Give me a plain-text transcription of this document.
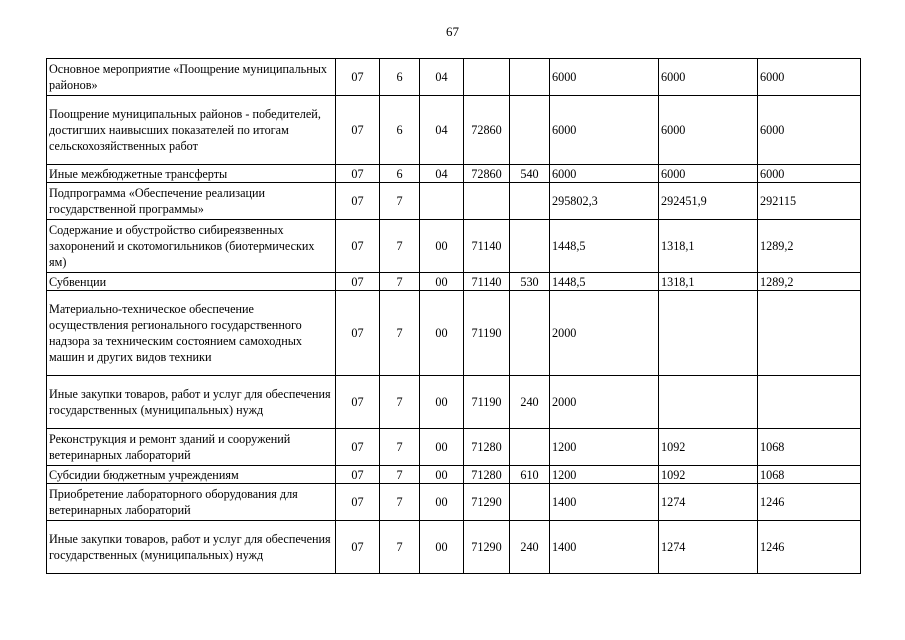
67
Основное мероприятие «Поощрение муниципальных районов»	07	6	04			6000	6000	6000
Поощрение муниципальных районов - победителей, достигших наивысших показателей по итогам сельскохозяйственных работ	07	6	04	72860		6000	6000	6000
Иные межбюджетные трансферты	07	6	04	72860	540	6000	6000	6000
Подпрограмма «Обеспечение реализации государственной программы»	07	7				295802,3	292451,9	292115
Содержание и обустройство сибиреязвенных захоронений и скотомогильников (биотермических ям)	07	7	00	71140		1448,5	1318,1	1289,2
Субвенции	07	7	00	71140	530	1448,5	1318,1	1289,2
Материально-техническое обеспечение осуществления регионального государственного надзора за техническим состоянием самоходных машин и других видов техники	07	7	00	71190		2000		
Иные закупки товаров, работ и услуг для обеспечения государственных (муниципальных) нужд	07	7	00	71190	240	2000		
Реконструкция и ремонт зданий и сооружений ветеринарных лабораторий	07	7	00	71280		1200	1092	1068
Субсидии бюджетным учреждениям	07	7	00	71280	610	1200	1092	1068
Приобретение лабораторного оборудования для ветеринарных лабораторий	07	7	00	71290		1400	1274	1246
Иные закупки товаров, работ и услуг для обеспечения государственных (муниципальных) нужд	07	7	00	71290	240	1400	1274	1246
